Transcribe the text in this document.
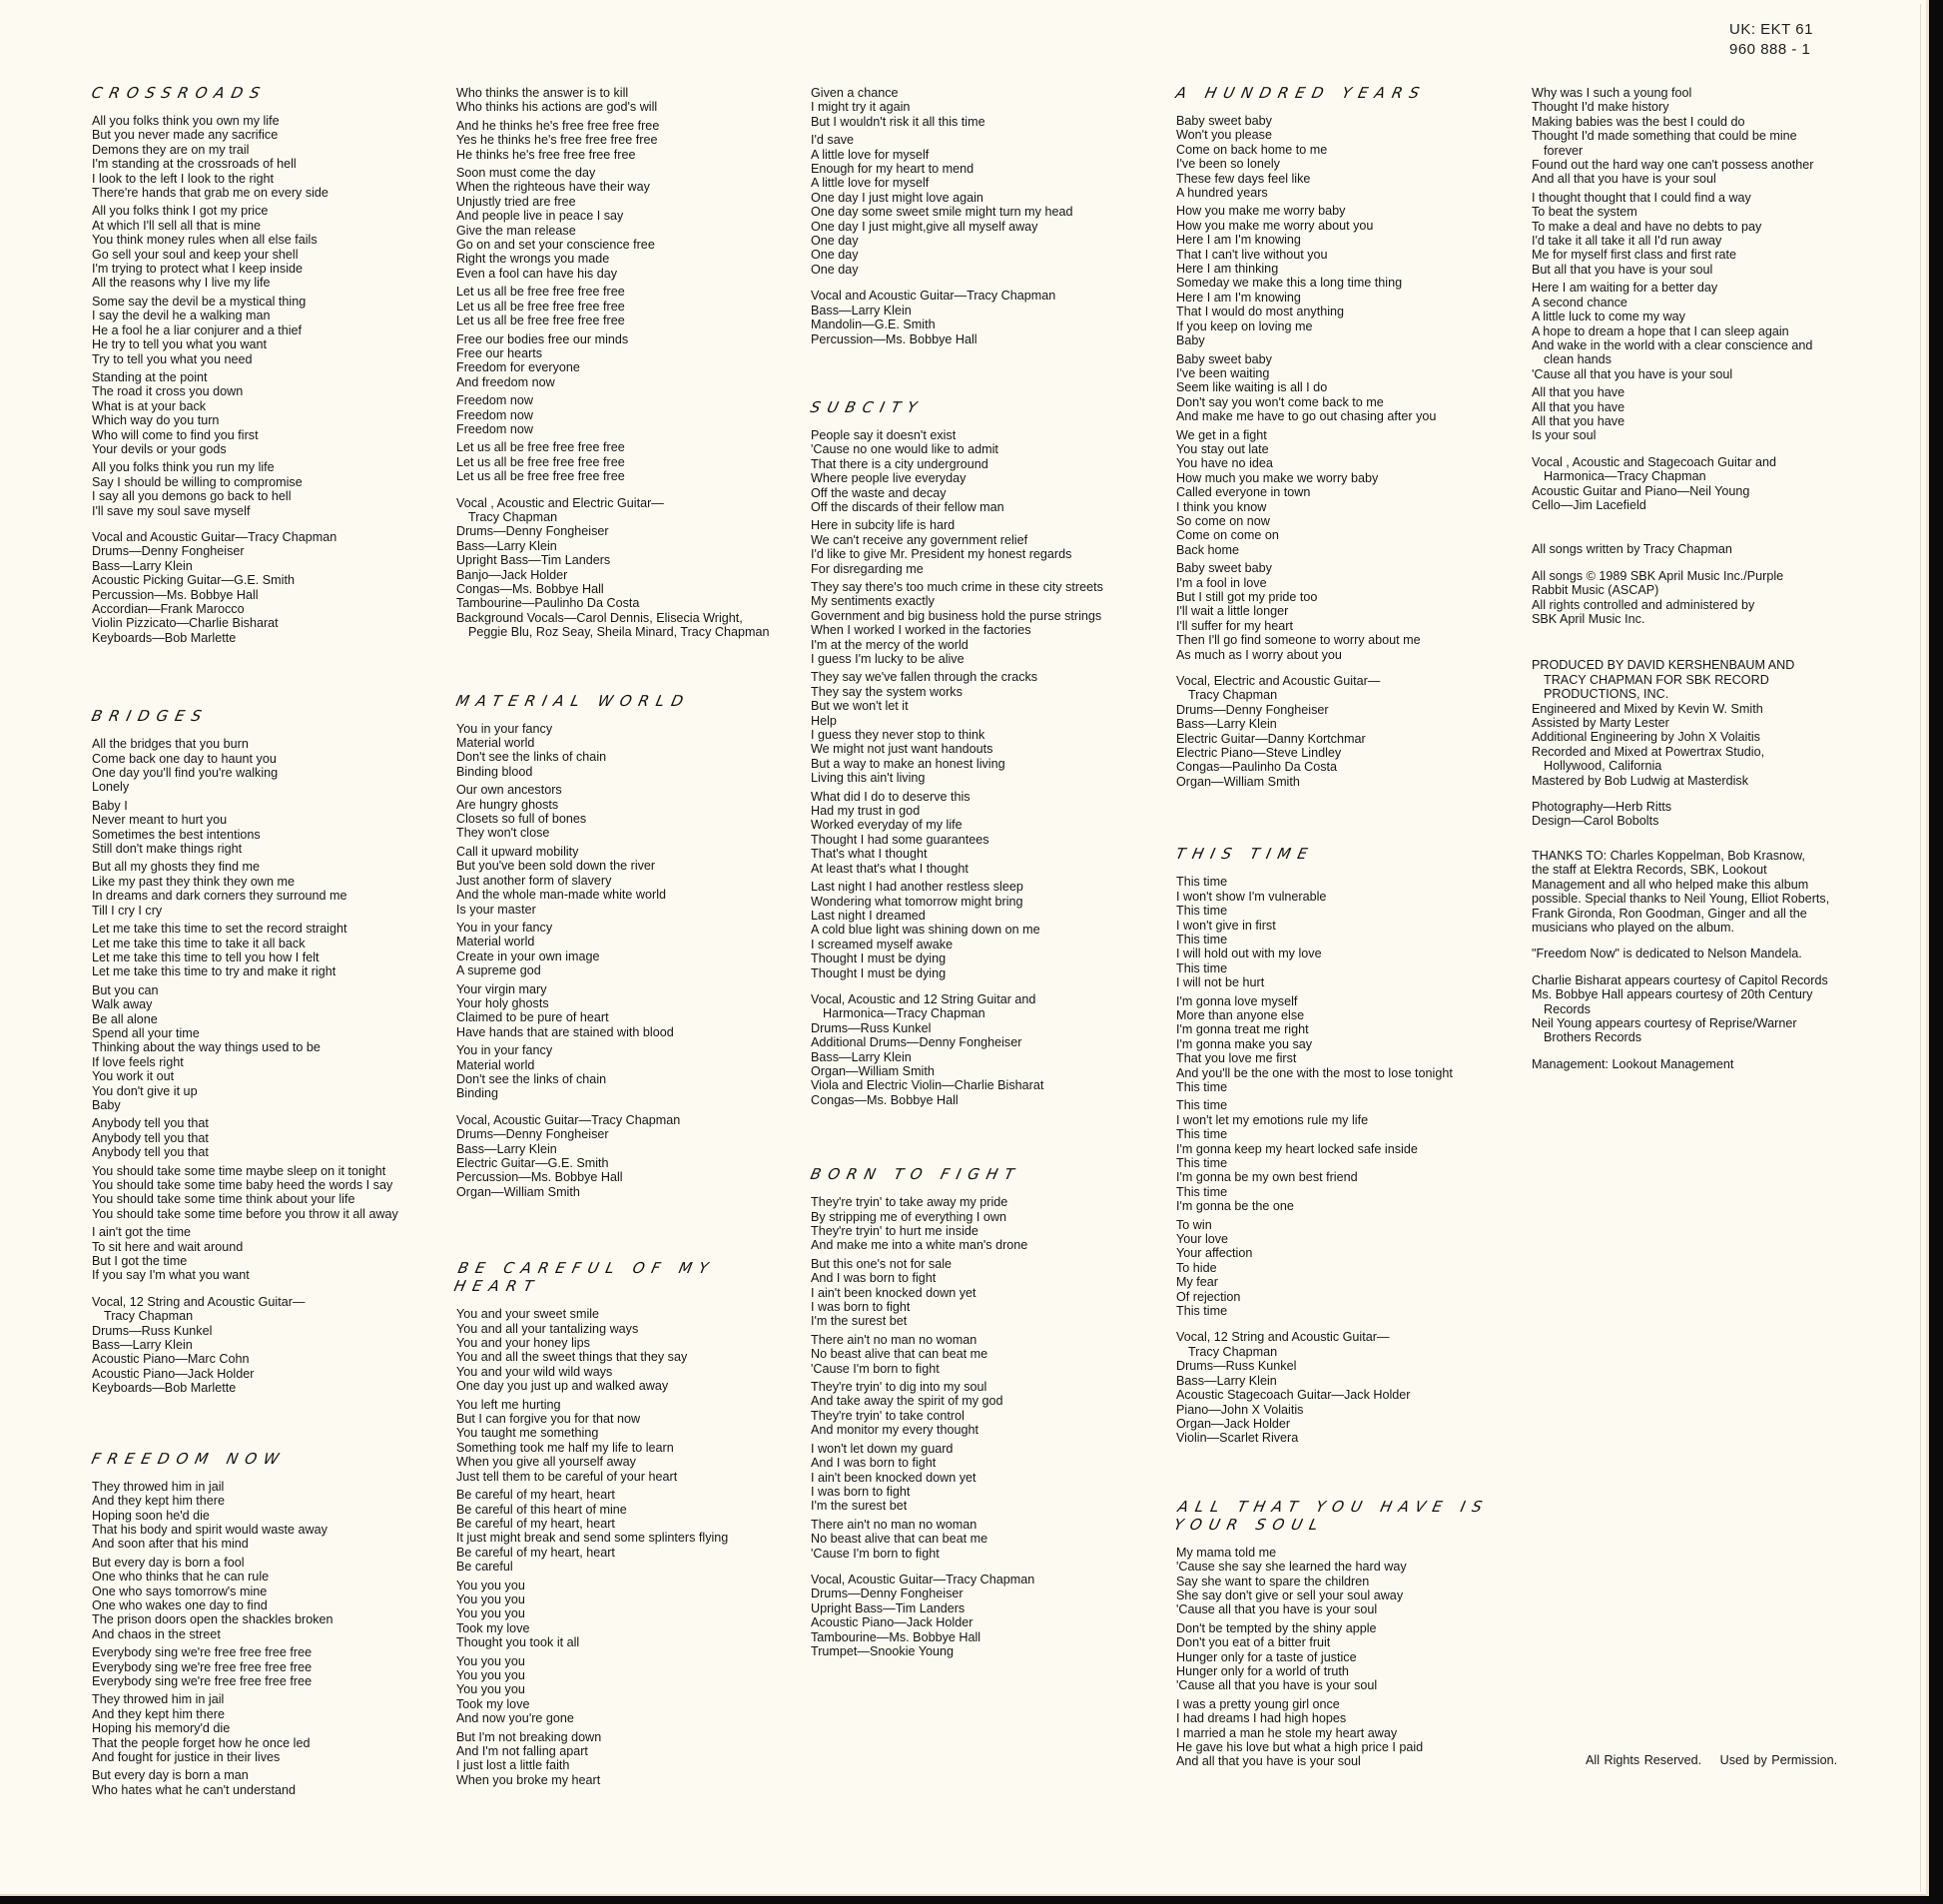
UK: EKT 61
960 888 - 1
CROSSROADS
All you folks think you own my life
But you never made any sacrifice
Demons they are on my trail
I'm standing at the crossroads of hell
I look to the left I look to the right
There're hands that grab me on every side
All you folks think I got my price
At which I'll sell all that is mine
You think money rules when all else fails
Go sell your soul and keep your shell
I'm trying to protect what I keep inside
All the reasons why I live my life
Some say the devil be a mystical thing
I say the devil he a walking man
He a fool he a liar conjurer and a thief
He try to tell you what you want
Try to tell you what you need
Standing at the point
The road it cross you down
What is at your back
Which way do you turn
Who will come to find you first
Your devils or your gods
All you folks think you run my life
Say I should be willing to compromise
I say all you demons go back to hell
I'll save my soul save myself
Vocal and Acoustic Guitar—Tracy Chapman
Drums—Denny Fongheiser
Bass—Larry Klein
Acoustic Picking Guitar—G.E. Smith
Percussion—Ms. Bobbye Hall
Accordian—Frank Marocco
Violin Pizzicato—Charlie Bisharat
Keyboards—Bob Marlette
BRIDGES
All the bridges that you burn
Come back one day to haunt you
One day you'll find you're walking
Lonely
Baby I
Never meant to hurt you
Sometimes the best intentions
Still don't make things right
But all my ghosts they find me
Like my past they think they own me
In dreams and dark corners they surround me
Till I cry I cry
Let me take this time to set the record straight
Let me take this time to take it all back
Let me take this time to tell you how I felt
Let me take this time to try and make it right
But you can
Walk away
Be all alone
Spend all your time
Thinking about the way things used to be
If love feels right
You work it out
You don't give it up
Baby
Anybody tell you that
Anybody tell you that
Anybody tell you that
You should take some time maybe sleep on it tonight
You should take some time baby heed the words I say
You should take some time think about your life
You should take some time before you throw it all away
I ain't got the time
To sit here and wait around
But I got the time
If you say I'm what you want
Vocal, 12 String and Acoustic Guitar—
Tracy Chapman
Drums—Russ Kunkel
Bass—Larry Klein
Acoustic Piano—Marc Cohn
Acoustic Piano—Jack Holder
Keyboards—Bob Marlette
FREEDOM NOW
They throwed him in jail
And they kept him there
Hoping soon he'd die
That his body and spirit would waste away
And soon after that his mind
But every day is born a fool
One who thinks that he can rule
One who says tomorrow's mine
One who wakes one day to find
The prison doors open the shackles broken
And chaos in the street
Everybody sing we're free free free free
Everybody sing we're free free free free
Everybody sing we're free free free free
They throwed him in jail
And they kept him there
Hoping his memory'd die
That the people forget how he once led
And fought for justice in their lives
But every day is born a man
Who hates what he can't understand
Who thinks the answer is to kill
Who thinks his actions are god's will
And he thinks he's free free free free
Yes he thinks he's free free free free
He thinks he's free free free free
Soon must come the day
When the righteous have their way
Unjustly tried are free
And people live in peace I say
Give the man release
Go on and set your conscience free
Right the wrongs you made
Even a fool can have his day
Let us all be free free free free
Let us all be free free free free
Let us all be free free free free
Free our bodies free our minds
Free our hearts
Freedom for everyone
And freedom now
Freedom now
Freedom now
Freedom now
Let us all be free free free free
Let us all be free free free free
Let us all be free free free free
Vocal , Acoustic and Electric Guitar—
Tracy Chapman
Drums—Denny Fongheiser
Bass—Larry Klein
Upright Bass—Tim Landers
Banjo—Jack Holder
Congas—Ms. Bobbye Hall
Tambourine—Paulinho Da Costa
Background Vocals—Carol Dennis, Elisecia Wright,
Peggie Blu, Roz Seay, Sheila Minard, Tracy Chapman
MATERIAL WORLD
You in your fancy
Material world
Don't see the links of chain
Binding blood
Our own ancestors
Are hungry ghosts
Closets so full of bones
They won't close
Call it upward mobility
But you've been sold down the river
Just another form of slavery
And the whole man-made white world
Is your master
You in your fancy
Material world
Create in your own image
A supreme god
Your virgin mary
Your holy ghosts
Claimed to be pure of heart
Have hands that are stained with blood
You in your fancy
Material world
Don't see the links of chain
Binding
Vocal, Acoustic Guitar—Tracy Chapman
Drums—Denny Fongheiser
Bass—Larry Klein
Electric Guitar—G.E. Smith
Percussion—Ms. Bobbye Hall
Organ—William Smith
BE CAREFUL OF MY HEART
You and your sweet smile
You and all your tantalizing ways
You and your honey lips
You and all the sweet things that they say
You and your wild wild ways
One day you just up and walked away
You left me hurting
But I can forgive you for that now
You taught me something
Something took me half my life to learn
When you give all yourself away
Just tell them to be careful of your heart
Be careful of my heart, heart
Be careful of this heart of mine
Be careful of my heart, heart
It just might break and send some splinters flying
Be careful of my heart, heart
Be careful
You you you
You you you
You you you
Took my love
Thought you took it all
You you you
You you you
You you you
Took my love
And now you're gone
But I'm not breaking down
And I'm not falling apart
I just lost a little faith
When you broke my heart
Given a chance
I might try it again
But I wouldn't risk it all this time
I'd save
A little love for myself
Enough for my heart to mend
A little love for myself
One day I just might love again
One day some sweet smile might turn my head
One day I just might,give all myself away
One day
One day
One day
Vocal and Acoustic Guitar—Tracy Chapman
Bass—Larry Klein
Mandolin—G.E. Smith
Percussion—Ms. Bobbye Hall
SUBCITY
People say it doesn't exist
'Cause no one would like to admit
That there is a city underground
Where people live everyday
Off the waste and decay
Off the discards of their fellow man
Here in subcity life is hard
We can't receive any government relief
I'd like to give Mr. President my honest regards
For disregarding me
They say there's too much crime in these city streets
My sentiments exactly
Government and big business hold the purse strings
When I worked I worked in the factories
I'm at the mercy of the world
I guess I'm lucky to be alive
They say we've fallen through the cracks
They say the system works
But we won't let it
Help
I guess they never stop to think
We might not just want handouts
But a way to make an honest living
Living this ain't living
What did I do to deserve this
Had my trust in god
Worked everyday of my life
Thought I had some guarantees
That's what I thought
At least that's what I thought
Last night I had another restless sleep
Wondering what tomorrow might bring
Last night I dreamed
A cold blue light was shining down on me
I screamed myself awake
Thought I must be dying
Thought I must be dying
Vocal, Acoustic and 12 String Guitar and
Harmonica—Tracy Chapman
Drums—Russ Kunkel
Additional Drums—Denny Fongheiser
Bass—Larry Klein
Organ—William Smith
Viola and Electric Violin—Charlie Bisharat
Congas—Ms. Bobbye Hall
BORN TO FIGHT
They're tryin' to take away my pride
By stripping me of everything I own
They're tryin' to hurt me inside
And make me into a white man's drone
But this one's not for sale
And I was born to fight
I ain't been knocked down yet
I was born to fight
I'm the surest bet
There ain't no man no woman
No beast alive that can beat me
'Cause I'm born to fight
They're tryin' to dig into my soul
And take away the spirit of my god
They're tryin' to take control
And monitor my every thought
I won't let down my guard
And I was born to fight
I ain't been knocked down yet
I was born to fight
I'm the surest bet
There ain't no man no woman
No beast alive that can beat me
'Cause I'm born to fight
Vocal, Acoustic Guitar—Tracy Chapman
Drums—Denny Fongheiser
Upright Bass—Tim Landers
Acoustic Piano—Jack Holder
Tambourine—Ms. Bobbye Hall
Trumpet—Snookie Young
A HUNDRED YEARS
Baby sweet baby
Won't you please
Come on back home to me
I've been so lonely
These few days feel like
A hundred years
How you make me worry baby
How you make me worry about you
Here I am I'm knowing
That I can't live without you
Here I am thinking
Someday we make this a long time thing
Here I am I'm knowing
That I would do most anything
If you keep on loving me
Baby
Baby sweet baby
I've been waiting
Seem like waiting is all I do
Don't say you won't come back to me
And make me have to go out chasing after you
We get in a fight
You stay out late
You have no idea
How much you make we worry baby
Called everyone in town
I think you know
So come on now
Come on come on
Back home
Baby sweet baby
I'm a fool in love
But I still got my pride too
I'll wait a little longer
I'll suffer for my heart
Then I'll go find someone to worry about me
As much as I worry about you
Vocal, Electric and Acoustic Guitar—
Tracy Chapman
Drums—Denny Fongheiser
Bass—Larry Klein
Electric Guitar—Danny Kortchmar
Electric Piano—Steve Lindley
Congas—Paulinho Da Costa
Organ—William Smith
THIS TIME
This time
I won't show I'm vulnerable
This time
I won't give in first
This time
I will hold out with my love
This time
I will not be hurt
I'm gonna love myself
More than anyone else
I'm gonna treat me right
I'm gonna make you say
That you love me first
And you'll be the one with the most to lose tonight
This time
This time
I won't let my emotions rule my life
This time
I'm gonna keep my heart locked safe inside
This time
I'm gonna be my own best friend
This time
I'm gonna be the one
To win
Your love
Your affection
To hide
My fear
Of rejection
This time
Vocal, 12 String and Acoustic Guitar—
Tracy Chapman
Drums—Russ Kunkel
Bass—Larry Klein
Acoustic Stagecoach Guitar—Jack Holder
Piano—John X Volaitis
Organ—Jack Holder
Violin—Scarlet Rivera
ALL THAT YOU HAVE IS YOUR SOUL
My mama told me
'Cause she say she learned the hard way
Say she want to spare the children
She say don't give or sell your soul away
'Cause all that you have is your soul
Don't be tempted by the shiny apple
Don't you eat of a bitter fruit
Hunger only for a taste of justice
Hunger only for a world of truth
'Cause all that you have is your soul
I was a pretty young girl once
I had dreams I had high hopes
I married a man he stole my heart away
He gave his love but what a high price I paid
And all that you have is your soul
Why was I such a young fool
Thought I'd make history
Making babies was the best I could do
Thought I'd made something that could be mine
forever
Found out the hard way one can't possess another
And all that you have is your soul
I thought thought that I could find a way
To beat the system
To make a deal and have no debts to pay
I'd take it all take it all I'd run away
Me for myself first class and first rate
But all that you have is your soul
Here I am waiting for a better day
A second chance
A little luck to come my way
A hope to dream a hope that I can sleep again
And wake in the world with a clear conscience and
clean hands
'Cause all that you have is your soul
All that you have
All that you have
All that you have
Is your soul
Vocal , Acoustic and Stagecoach Guitar and
Harmonica—Tracy Chapman
Acoustic Guitar and Piano—Neil Young
Cello—Jim Lacefield

All songs written by Tracy Chapman

All songs © 1989 SBK April Music Inc./Purple
Rabbit Music (ASCAP)
All rights controlled and administered by
SBK April Music Inc.

PRODUCED BY DAVID KERSHENBAUM AND
TRACY CHAPMAN FOR SBK RECORD
PRODUCTIONS, INC.
Engineered and Mixed by Kevin W. Smith
Assisted by Marty Lester
Additional Engineering by John X Volaitis
Recorded and Mixed at Powertrax Studio,
Hollywood, California
Mastered by Bob Ludwig at Masterdisk

Photography—Herb Ritts
Design—Carol Bobolts

THANKS TO: Charles Koppelman, Bob Krasnow,
the staff at Elektra Records, SBK, Lookout
Management and all who helped make this album
possible. Special thanks to Neil Young, Elliot Roberts,
Frank Gironda, Ron Goodman, Ginger and all the
musicians who played on the album.

"Freedom Now" is dedicated to Nelson Mandela.

Charlie Bisharat appears courtesy of Capitol Records
Ms. Bobbye Hall appears courtesy of 20th Century
Records
Neil Young appears courtesy of Reprise/Warner
Brothers Records

Management: Lookout Management

All Rights Reserved. Used by Permission.
